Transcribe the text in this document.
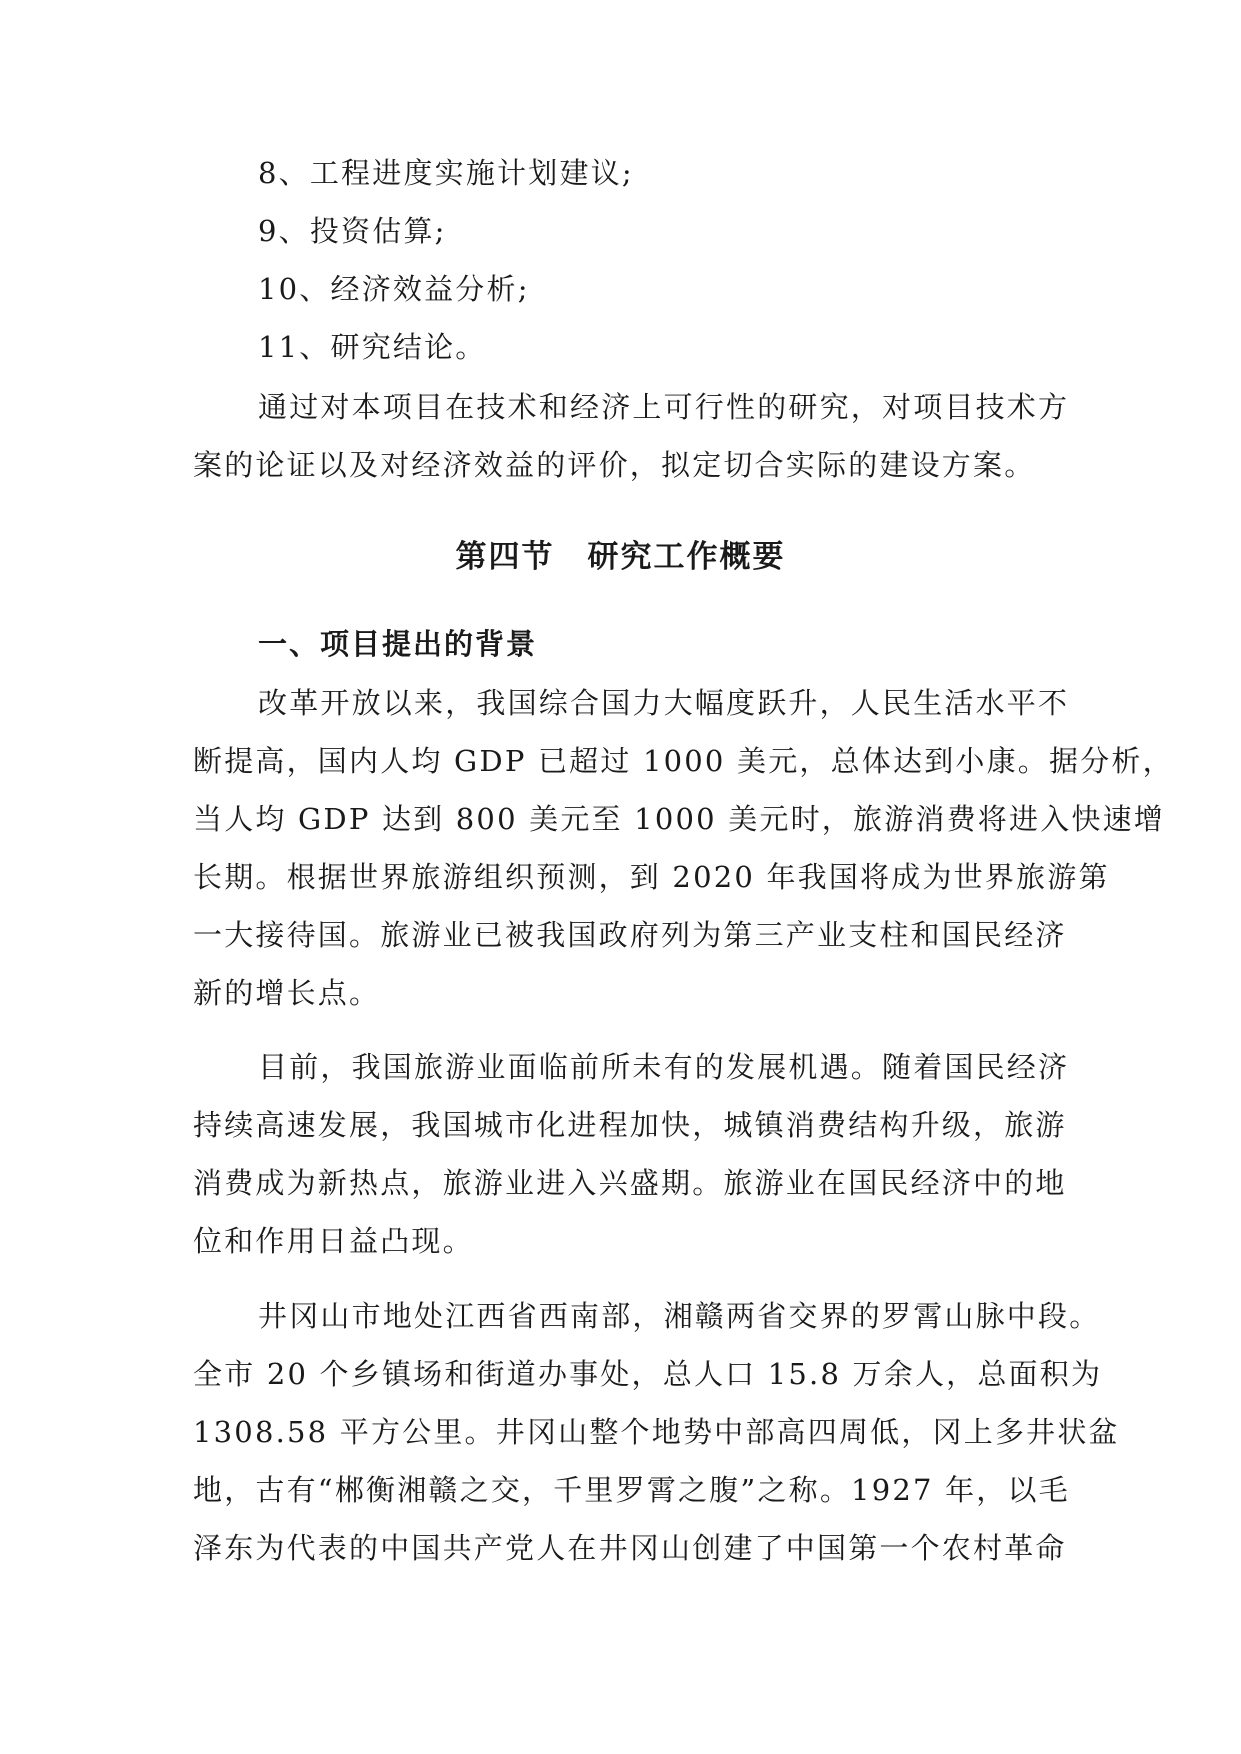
8、工程进度实施计划建议;
9、投资估算;
10、经济效益分析;
11、研究结论。
通过对本项目在技术和经济上可行性的研究，对项目技术方
案的论证以及对经济效益的评价，拟定切合实际的建设方案。
第四节　研究工作概要
一、项目提出的背景
改革开放以来，我国综合国力大幅度跃升，人民生活水平不
断提高，国内人均 GDP 已超过 1000 美元，总体达到小康。据分析，
当人均 GDP 达到 800 美元至 1000 美元时，旅游消费将进入快速增
长期。根据世界旅游组织预测，到 2020 年我国将成为世界旅游第
一大接待国。旅游业已被我国政府列为第三产业支柱和国民经济
新的增长点。
目前，我国旅游业面临前所未有的发展机遇。随着国民经济
持续高速发展，我国城市化进程加快，城镇消费结构升级，旅游
消费成为新热点，旅游业进入兴盛期。旅游业在国民经济中的地
位和作用日益凸现。
井冈山市地处江西省西南部，湘赣两省交界的罗霄山脉中段。
全市 20 个乡镇场和街道办事处，总人口 15.8 万余人，总面积为
1308.58 平方公里。井冈山整个地势中部高四周低，冈上多井状盆
地，古有“郴衡湘赣之交，千里罗霄之腹”之称。1927 年，以毛
泽东为代表的中国共产党人在井冈山创建了中国第一个农村革命
